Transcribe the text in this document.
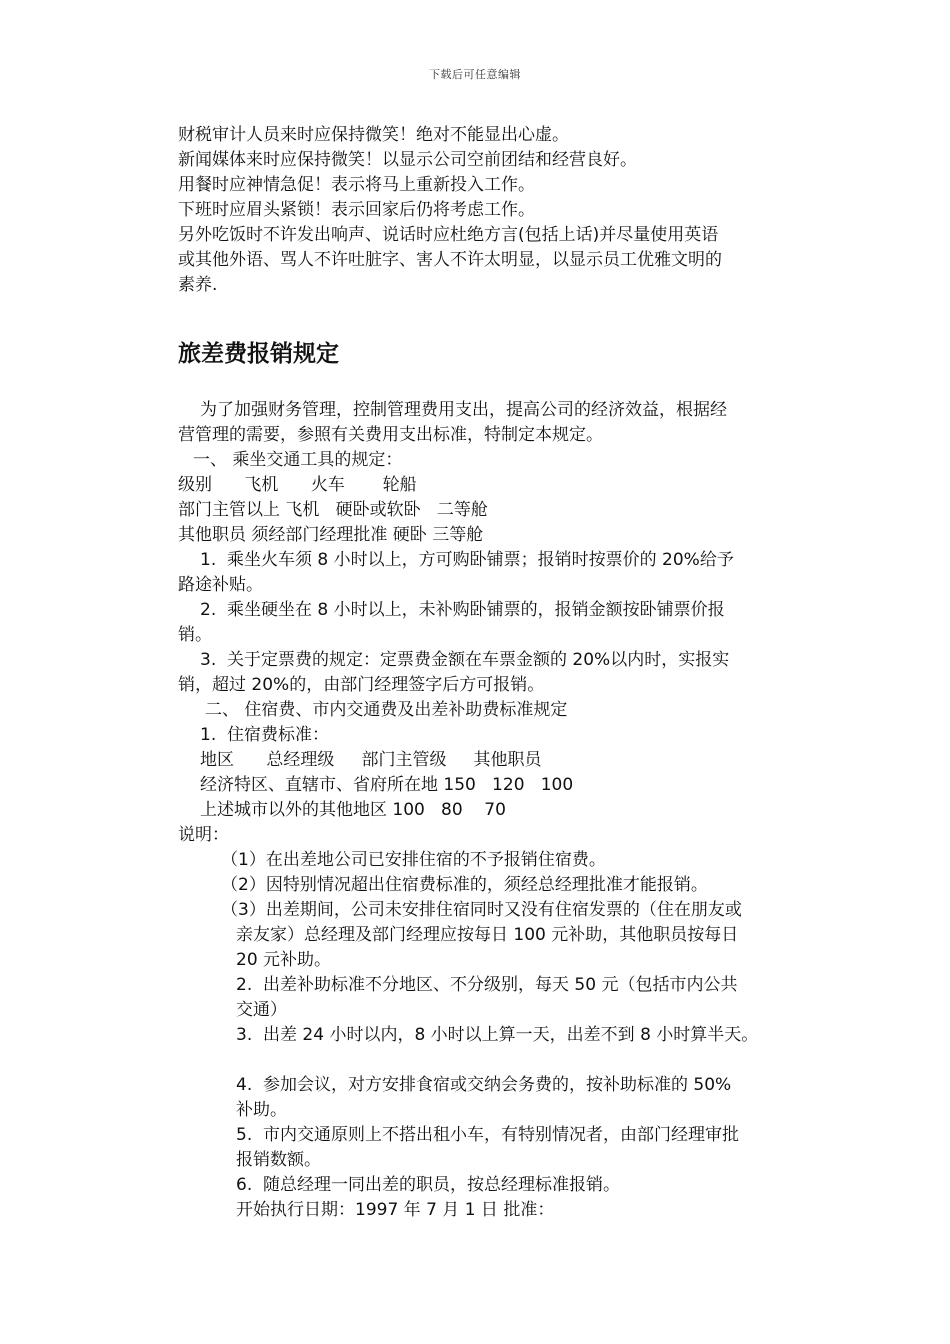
下载后可任意编辑
财税审计人员来时应保持微笑！绝对不能显出心虚。
新闻媒体来时应保持微笑！以显示公司空前团结和经营良好。
用餐时应神情急促！表示将马上重新投入工作。
下班时应眉头紧锁！表示回家后仍将考虑工作。
另外吃饭时不许发出响声、说话时应杜绝方言(包括上话)并尽量使用英语
或其他外语、骂人不许吐脏字、害人不许太明显，以显示员工优雅文明的
素养.
旅差费报销规定
为了加强财务管理，控制管理费用支出，提高公司的经济效益，根据经
营管理的需要，参照有关费用支出标准，特制定本规定。
一、 乘坐交通工具的规定：
级别      飞机      火车       轮船
部门主管以上 飞机   硬卧或软卧   二等舱
其他职员 须经部门经理批准 硬卧 三等舱
1.  乘坐火车须 8 小时以上，方可购卧铺票；报销时按票价的 20%给予
路途补贴。
2.  乘坐硬坐在 8 小时以上，未补购卧铺票的，报销金额按卧铺票价报
销。
3.  关于定票费的规定：定票费金额在车票金额的 20%以内时，实报实
销，超过 20%的，由部门经理签字后方可报销。
二、 住宿费、市内交通费及出差补助费标准规定
1.  住宿费标准：
地区      总经理级     部门主管级     其他职员
经济特区、直辖市、省府所在地 150   120   100
上述城市以外的其他地区 100   80    70
说明：
（1）在出差地公司已安排住宿的不予报销住宿费。
（2）因特别情况超出住宿费标准的，须经总经理批准才能报销。
（3）出差期间，公司未安排住宿同时又没有住宿发票的（住在朋友或
亲友家）总经理及部门经理应按每日 100 元补助，其他职员按每日
20 元补助。
2.  出差补助标准不分地区、不分级别，每天 50 元（包括市内公共
交通）
3.  出差 24 小时以内，8 小时以上算一天，出差不到 8 小时算半天。
4.  参加会议，对方安排食宿或交纳会务费的，按补助标准的 50%
补助。
5.  市内交通原则上不搭出租小车，有特别情况者，由部门经理审批
报销数额。
6.  随总经理一同出差的职员，按总经理标准报销。
开始执行日期：1997 年 7 月 1 日 批准：
